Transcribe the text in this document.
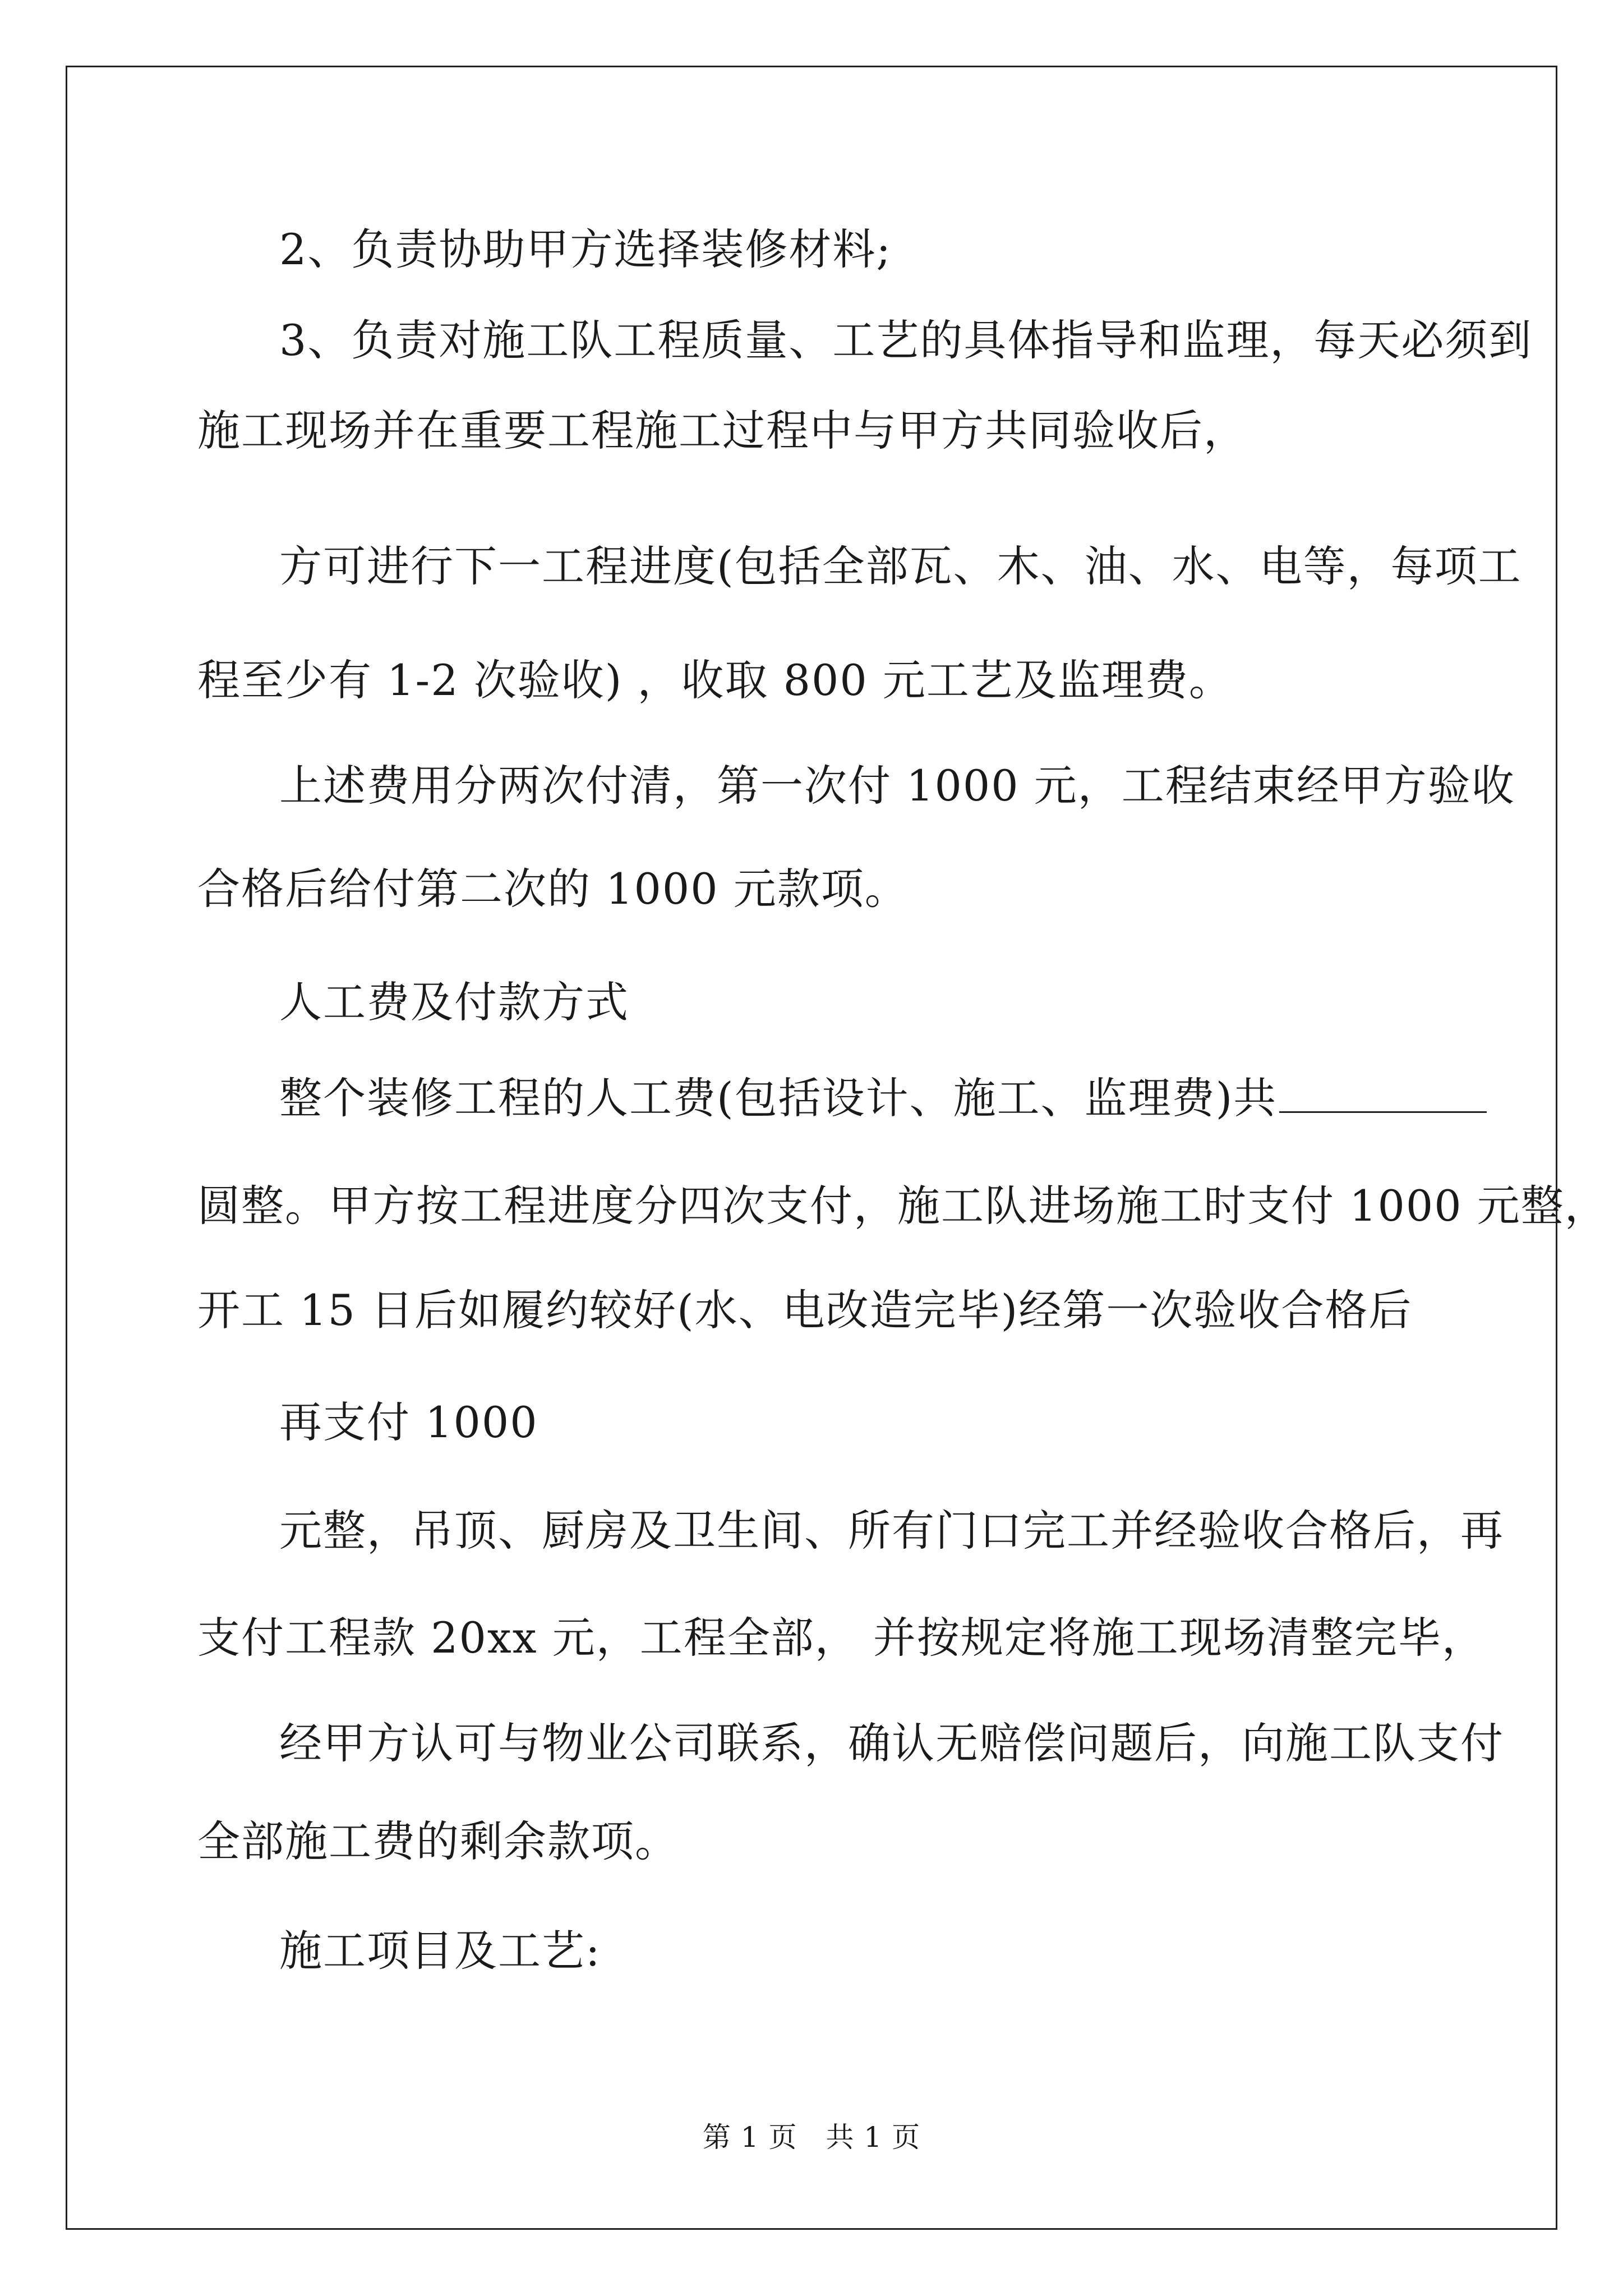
2、负责协助甲方选择装修材料;
3、负责对施工队工程质量、工艺的具体指导和监理，每天必须到
施工现场并在重要工程施工过程中与甲方共同验收后，
方可进行下一工程进度(包括全部瓦、木、油、水、电等，每项工
程至少有 1-2 次验收) ，收取 800 元工艺及监理费。
上述费用分两次付清，第一次付 1000 元，工程结束经甲方验收
合格后给付第二次的 1000 元款项。
人工费及付款方式
整个装修工程的人工费(包括设计、施工、监理费)共
圆整。甲方按工程进度分四次支付，施工队进场施工时支付 1000 元整，
开工 15 日后如履约较好(水、电改造完毕)经第一次验收合格后
再支付 1000
元整，吊顶、厨房及卫生间、所有门口完工并经验收合格后，再
支付工程款 20xx 元，工程全部， 并按规定将施工现场清整完毕，
经甲方认可与物业公司联系，确认无赔偿问题后，向施工队支付
全部施工费的剩余款项。
施工项目及工艺:
第 1 页　共 1 页
